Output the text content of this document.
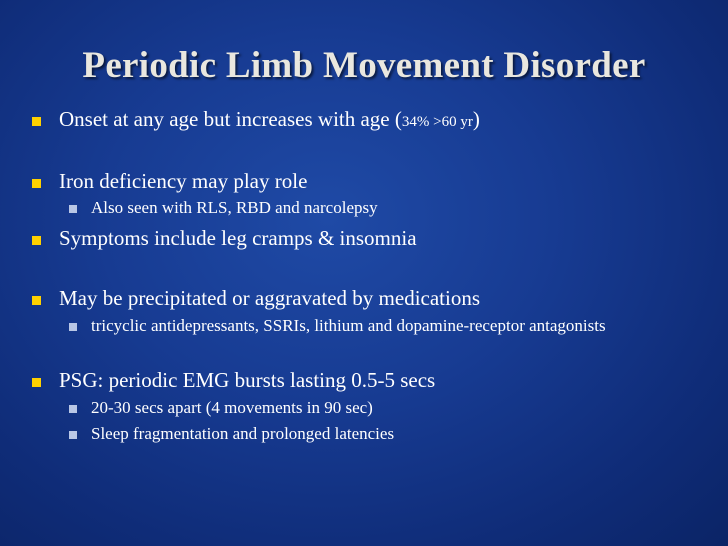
Periodic Limb Movement Disorder
Onset at any age but increases with age (34% >60 yr)
Iron deficiency may play role
Also seen with RLS, RBD and narcolepsy
Symptoms include leg cramps & insomnia
May be precipitated or aggravated by medications
tricyclic antidepressants, SSRIs, lithium and dopamine-receptor antagonists
PSG: periodic EMG bursts lasting 0.5-5 secs
20-30 secs apart (4 movements in 90 sec)
Sleep fragmentation and prolonged latencies
